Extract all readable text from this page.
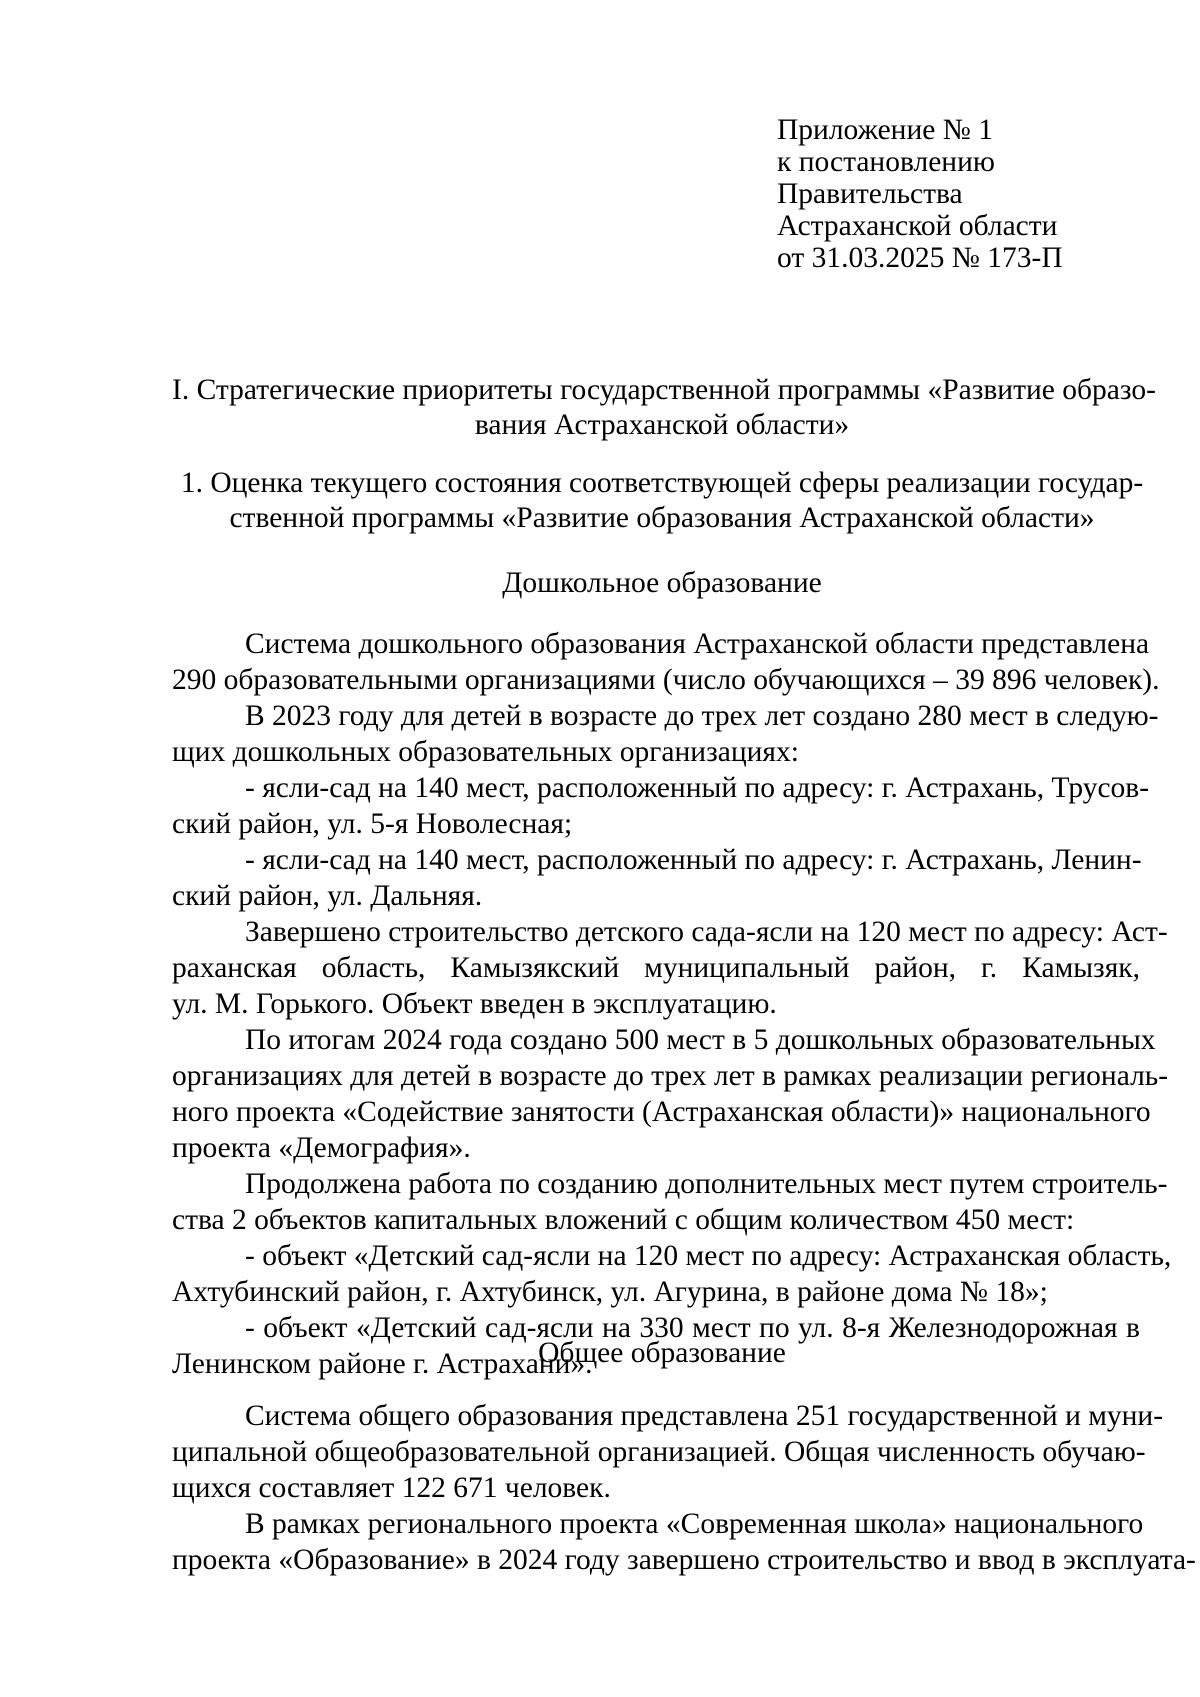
Приложение № 1
к постановлению
Правительства
Астраханской области
от 31.03.2025 № 173-П
I. Стратегические приоритеты государственной программы «Развитие образо-
вания Астраханской области»
1. Оценка текущего состояния соответствующей сферы реализации государ-
ственной программы «Развитие образования Астраханской области»
Дошкольное образование
Система дошкольного образования Астраханской области представлена
290 образовательными организациями (число обучающихся – 39 896 человек).
В 2023 году для детей в возрасте до трех лет создано 280 мест в следую-
щих дошкольных образовательных организациях:
- ясли-сад на 140 мест, расположенный по адресу: г. Астрахань, Трусов-
ский район, ул. 5-я Новолесная;
- ясли-сад на 140 мест, расположенный по адресу: г. Астрахань, Ленин-
ский район, ул. Дальняя.
Завершено строительство детского сада-ясли на 120 мест по адресу: Аст-
раханская область, Камызякский муниципальный район, г. Камызяк,
ул. М. Горького. Объект введен в эксплуатацию.
По итогам 2024 года создано 500 мест в 5 дошкольных образовательных
организациях для детей в возрасте до трех лет в рамках реализации региональ-
ного проекта «Содействие занятости (Астраханская области)» национального
проекта «Демография».
Продолжена работа по созданию дополнительных мест путем строитель-
ства 2 объектов капитальных вложений с общим количеством 450 мест:
- объект «Детский сад-ясли на 120 мест по адресу: Астраханская область,
Ахтубинский район, г. Ахтубинск, ул. Агурина, в районе дома № 18»;
- объект «Детский сад-ясли на 330 мест по ул. 8-я Железнодорожная в
Ленинском районе г. Астрахани».
Общее образование
Система общего образования представлена 251 государственной и муни-
ципальной общеобразовательной организацией. Общая численность обучаю-
щихся составляет 122 671 человек.
В рамках регионального проекта «Современная школа» национального
проекта «Образование» в 2024 году завершено строительство и ввод в эксплуата-
